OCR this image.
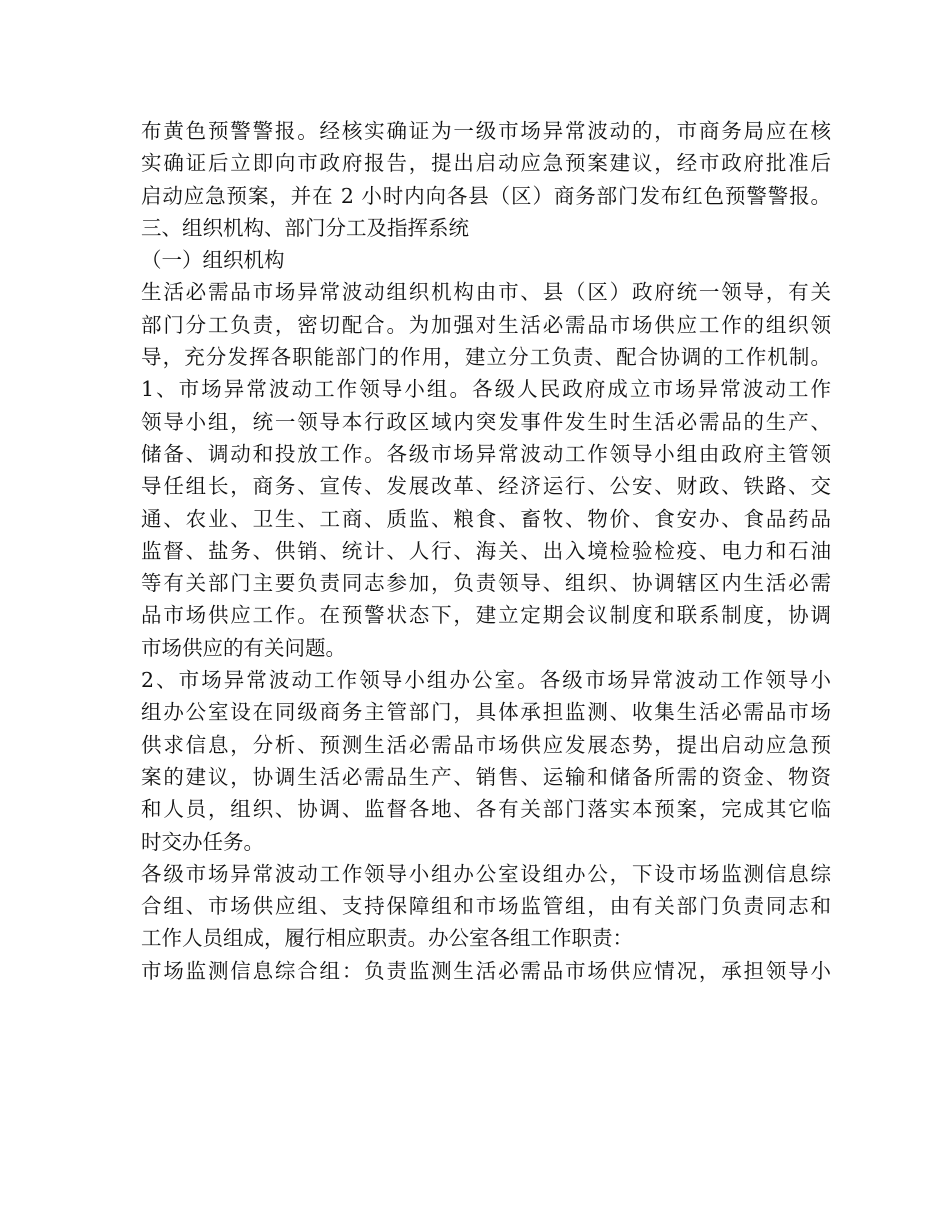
布黄色预警警报。经核实确证为一级市场异常波动的，市商务局应在核
实确证后立即向市政府报告，提出启动应急预案建议，经市政府批准后
启动应急预案，并在 2 小时内向各县（区）商务部门发布红色预警警报。
三、组织机构、部门分工及指挥系统
（一）组织机构
生活必需品市场异常波动组织机构由市、县（区）政府统一领导，有关
部门分工负责，密切配合。为加强对生活必需品市场供应工作的组织领
导，充分发挥各职能部门的作用，建立分工负责、配合协调的工作机制。
1、市场异常波动工作领导小组。各级人民政府成立市场异常波动工作
领导小组，统一领导本行政区域内突发事件发生时生活必需品的生产、
储备、调动和投放工作。各级市场异常波动工作领导小组由政府主管领
导任组长，商务、宣传、发展改革、经济运行、公安、财政、铁路、交
通、农业、卫生、工商、质监、粮食、畜牧、物价、食安办、食品药品
监督、盐务、供销、统计、人行、海关、出入境检验检疫、电力和石油
等有关部门主要负责同志参加，负责领导、组织、协调辖区内生活必需
品市场供应工作。在预警状态下，建立定期会议制度和联系制度，协调
市场供应的有关问题。
2、市场异常波动工作领导小组办公室。各级市场异常波动工作领导小
组办公室设在同级商务主管部门，具体承担监测、收集生活必需品市场
供求信息，分析、预测生活必需品市场供应发展态势，提出启动应急预
案的建议，协调生活必需品生产、销售、运输和储备所需的资金、物资
和人员，组织、协调、监督各地、各有关部门落实本预案，完成其它临
时交办任务。
各级市场异常波动工作领导小组办公室设组办公，下设市场监测信息综
合组、市场供应组、支持保障组和市场监管组，由有关部门负责同志和
工作人员组成，履行相应职责。办公室各组工作职责：
市场监测信息综合组：负责监测生活必需品市场供应情况，承担领导小
